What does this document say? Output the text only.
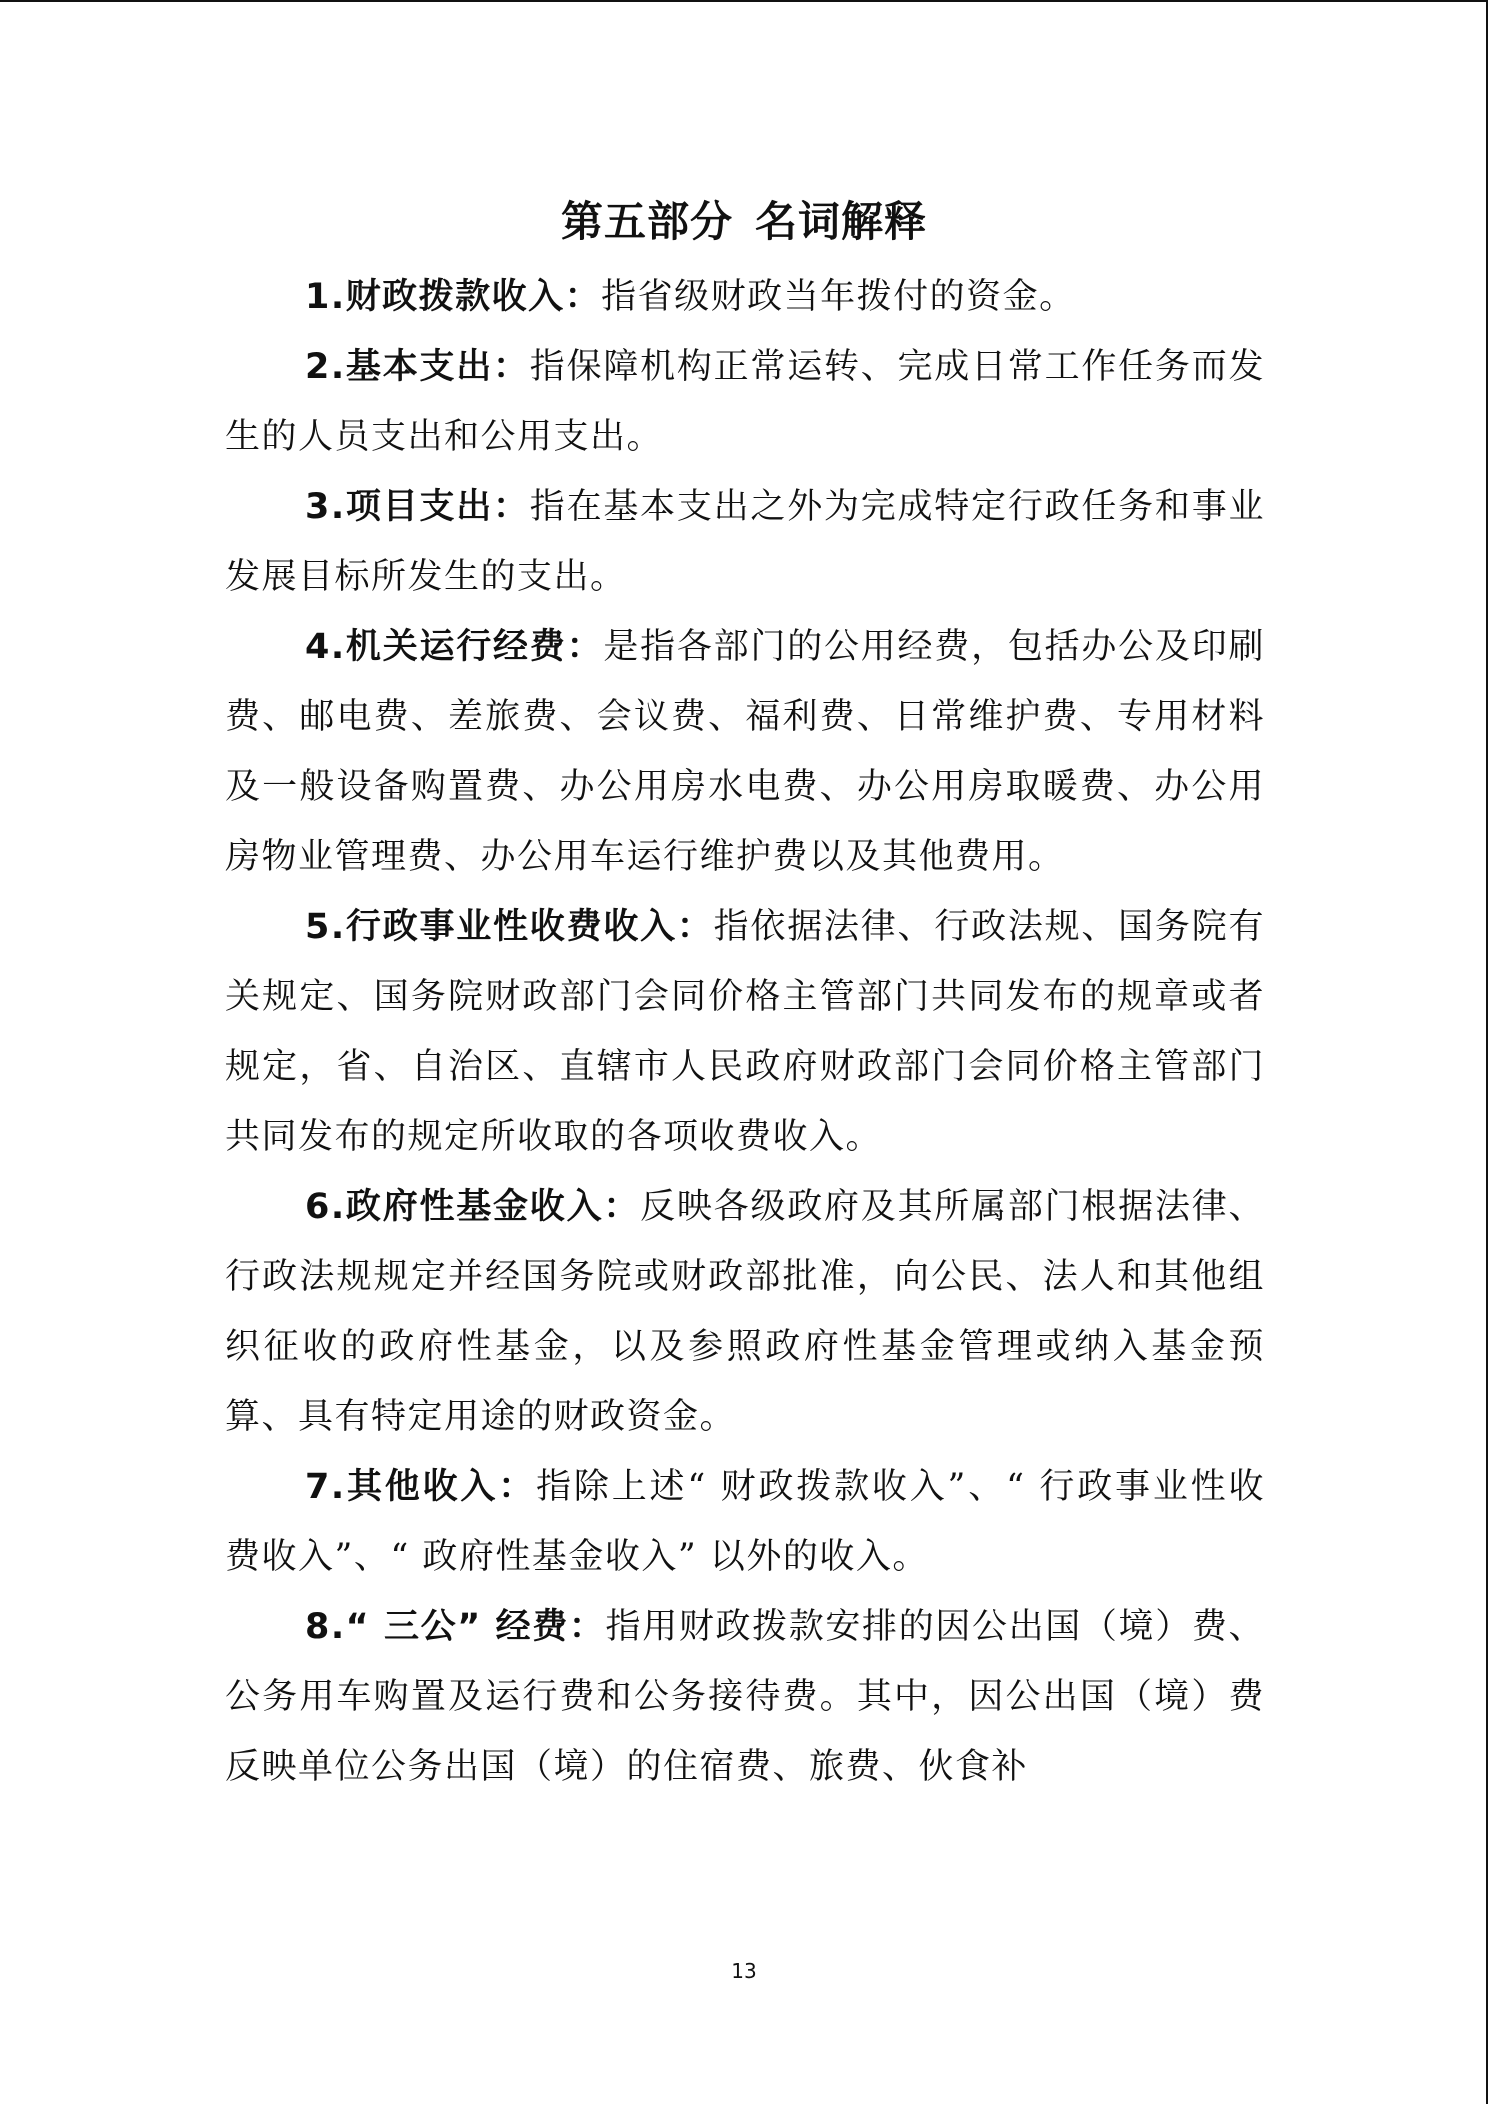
第五部分 名词解释

1.财政拨款收入：指省级财政当年拨付的资金。

2.基本支出：指保障机构正常运转、完成日常工作任务而发生的人员支出和公用支出。

3.项目支出：指在基本支出之外为完成特定行政任务和事业发展目标所发生的支出。

4.机关运行经费：是指各部门的公用经费，包括办公及印刷费、邮电费、差旅费、会议费、福利费、日常维护费、专用材料及一般设备购置费、办公用房水电费、办公用房取暖费、办公用房物业管理费、办公用车运行维护费以及其他费用。

5.行政事业性收费收入：指依据法律、行政法规、国务院有关规定、国务院财政部门会同价格主管部门共同发布的规章或者规定，省、自治区、直辖市人民政府财政部门会同价格主管部门共同发布的规定所收取的各项收费收入。

6.政府性基金收入：反映各级政府及其所属部门根据法律、行政法规规定并经国务院或财政部批准，向公民、法人和其他组织征收的政府性基金，以及参照政府性基金管理或纳入基金预算、具有特定用途的财政资金。

7.其他收入：指除上述“ 财政拨款收入”、“ 行政事业性收费收入”、“ 政府性基金收入” 以外的收入。

8.“ 三公” 经费：指用财政拨款安排的因公出国（境）费、公务用车购置及运行费和公务接待费。其中，因公出国（境）费反映单位公务出国（境）的住宿费、旅费、伙食补

13
